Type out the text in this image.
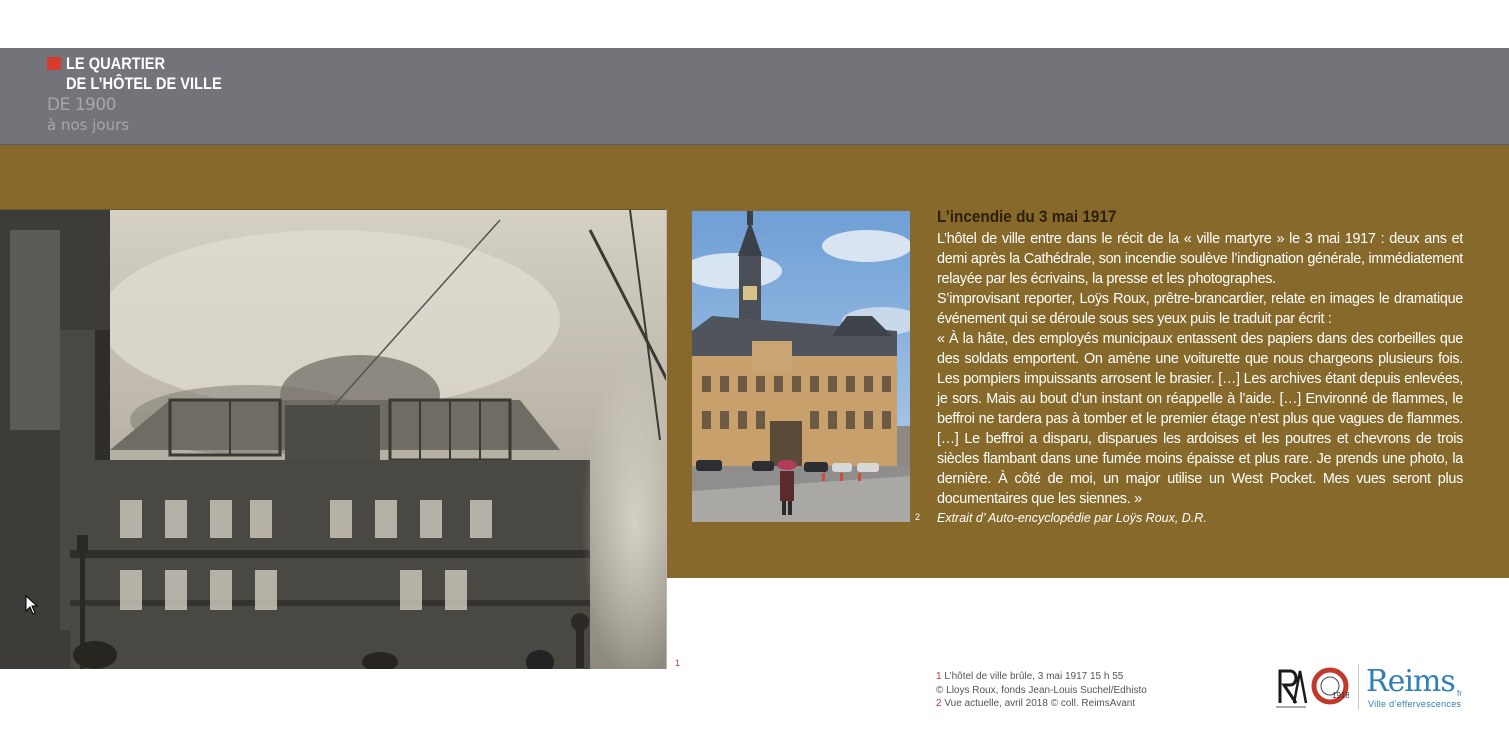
LE QUARTIER
DE L’HÔTEL DE VILLE
DE 1900
à nos jours
1
2
L’incendie du 3 mai 1917

L’hôtel de ville entre dans le récit de la « ville martyre » le 3 mai 1917 : deux ans et demi après la Cathédrale, son incendie soulève l’indignation générale, immédiatement relayée par les écrivains, la presse et les photographes.

S’improvisant reporter, Loÿs Roux, prêtre-brancardier, relate en images le dramatique événement qui se déroule sous ses yeux puis le traduit par écrit :

« À la hâte, des employés municipaux entassent des papiers dans des corbeilles que des soldats emportent. On amène une voiturette que nous chargeons plusieurs fois. Les pompiers impuissants arrosent le brasier. […] Les archives étant depuis enlevées, je sors. Mais au bout d’un instant on réappelle à l’aide. […] Environné de flammes, le beffroi ne tardera pas à tomber et le premier étage n’est plus que vagues de flammes. […] Le beffroi a disparu, disparues les ardoises et les poutres et chevrons de trois siècles flambant dans une fumée moins épaisse et plus rare. Je prends une photo, la dernière. À côté de moi, un major utilise un West Pocket. Mes vues seront plus documentaires que les siennes. »

Extrait d’ Auto-encyclopédie par Loÿs Roux, D.R.
1 L’hôtel de ville brûle, 3 mai 1917 15 h 55
© Lloys Roux, fonds Jean-Louis Suchel/Edhisto
2 Vue actuelle, avril 2018 © coll. ReimsAvant
1918 Reims fr
Ville d’effervescences
